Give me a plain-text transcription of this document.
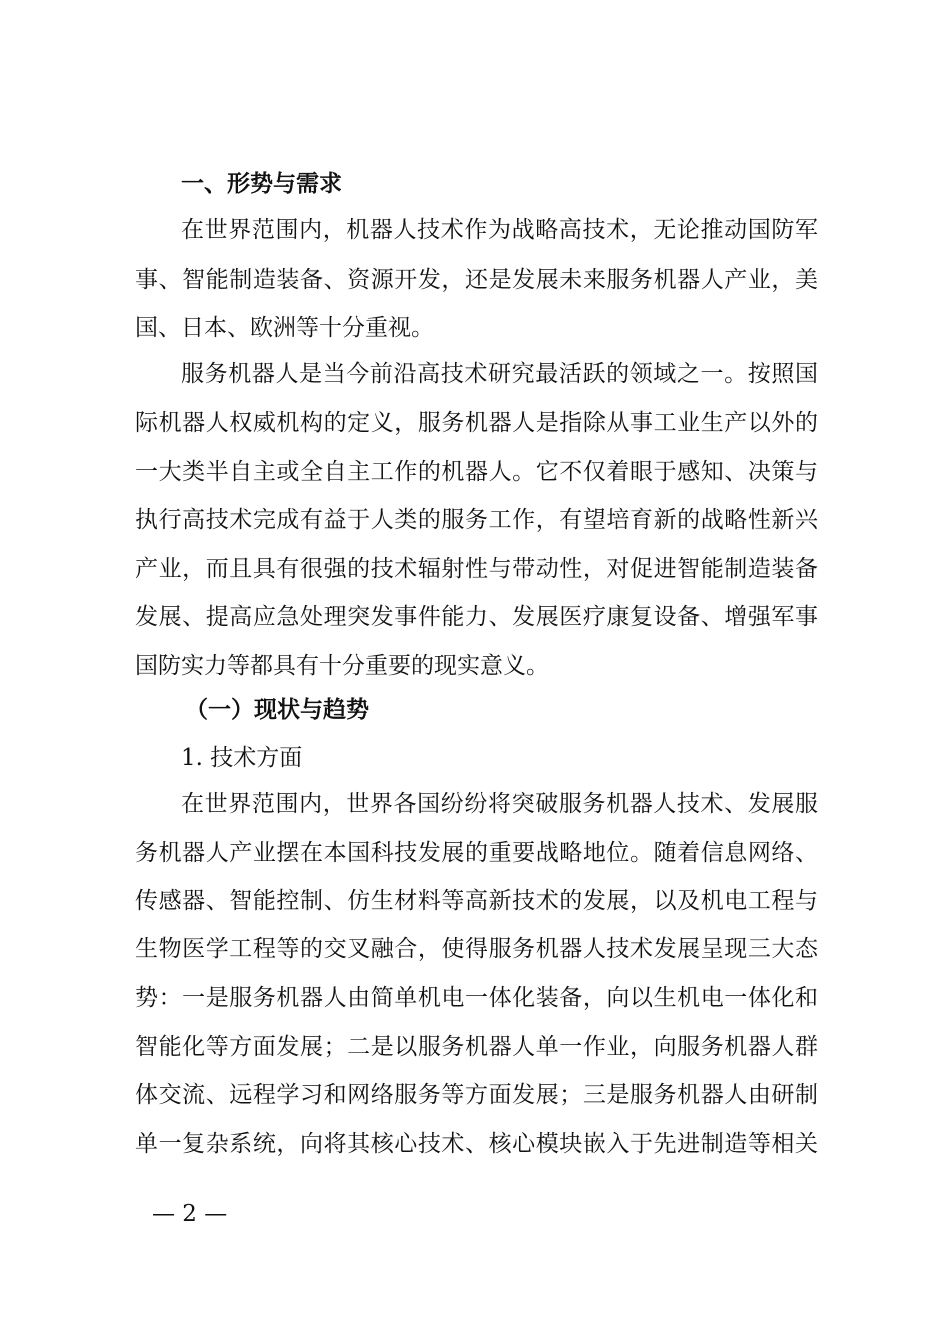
一、形势与需求
在世界范围内，机器人技术作为战略高技术，无论推动国防军
事、智能制造装备、资源开发，还是发展未来服务机器人产业，美
国、日本、欧洲等十分重视。
服务机器人是当今前沿高技术研究最活跃的领域之一。按照国
际机器人权威机构的定义，服务机器人是指除从事工业生产以外的
一大类半自主或全自主工作的机器人。它不仅着眼于感知、决策与
执行高技术完成有益于人类的服务工作，有望培育新的战略性新兴
产业，而且具有很强的技术辐射性与带动性，对促进智能制造装备
发展、提高应急处理突发事件能力、发展医疗康复设备、增强军事
国防实力等都具有十分重要的现实意义。
（一）现状与趋势
1. 技术方面
在世界范围内，世界各国纷纷将突破服务机器人技术、发展服
务机器人产业摆在本国科技发展的重要战略地位。随着信息网络、
传感器、智能控制、仿生材料等高新技术的发展，以及机电工程与
生物医学工程等的交叉融合，使得服务机器人技术发展呈现三大态
势：一是服务机器人由简单机电一体化装备，向以生机电一体化和
智能化等方面发展；二是以服务机器人单一作业，向服务机器人群
体交流、远程学习和网络服务等方面发展；三是服务机器人由研制
单一复杂系统，向将其核心技术、核心模块嵌入于先进制造等相关
— 2 —
